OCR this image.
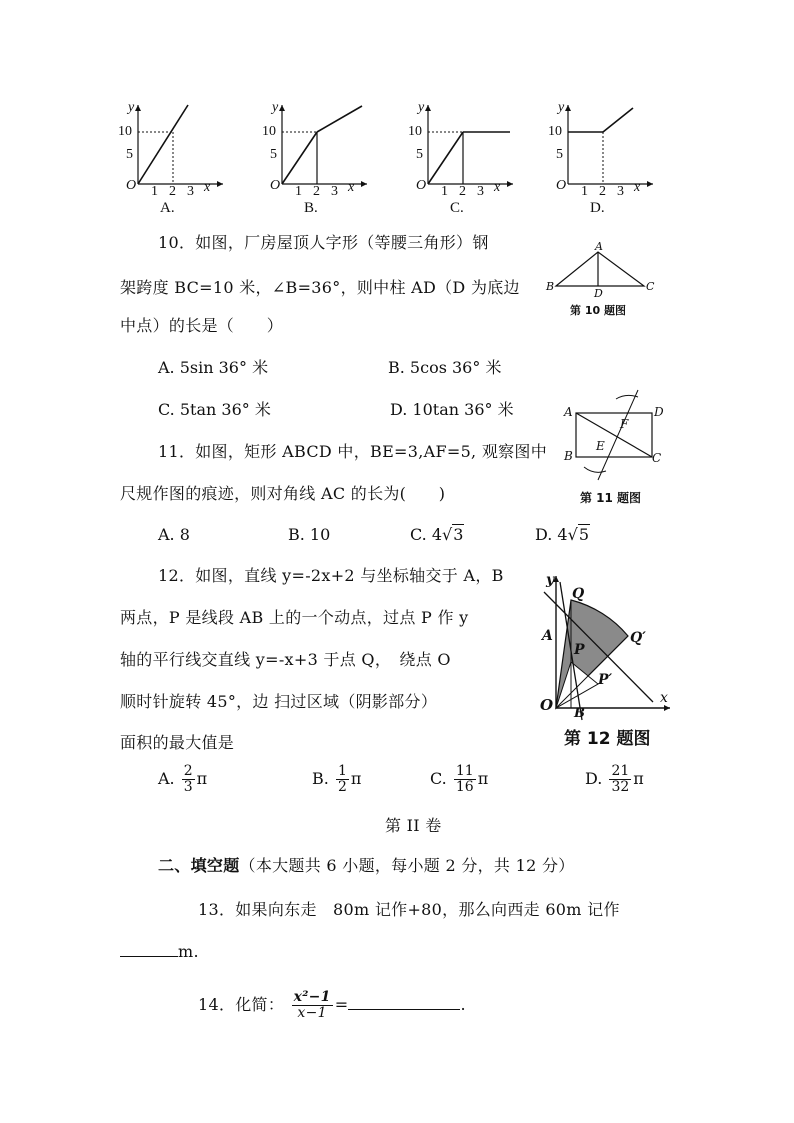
y
10
5
O 1 2 3 x
A.
y
10
5
O 1 2 3 x
B.
y
10
5
O 1 2 3 x
C.
y
10
5
O 1 2 3 x
D.
10．如图，厂房屋顶人字形（等腰三角形）钢
架跨度 BC=10 米，∠B=36°，则中柱 AD（D 为底边
中点）的长是（　　）
A
B	C
D
第 10 题图
A. 5sin 36° 米	B. 5cos 36° 米
C. 5tan 36° 米	D. 10tan 36° 米
11．如图，矩形 ABCD 中，BE=3,AF=5, 观察图中
尺规作图的痕迹，则对角线 AC 的长为(　　)
A	D
B	C
E
F
第 11 题图
A. 8	B. 10	C. 4√3	D. 4√5
12．如图，直线 y=-2x+2 与坐标轴交于 A，B
两点，P 是线段 AB 上的一个动点，过点 P 作 y
轴的平行线交直线 y=-x+3 于点 Q，　绕点 O
顺时针旋转 45°，边 扫过区域（阴影部分）
面积的最大值是
y
Q
A
P
Q′
P′
O B
x
第 12 题图
A. $\frac{2}{3}$ π	B. $\frac{1}{2}$ π	C. $\frac{11}{16}$ π	D. $\frac{21}{32}$ π
第 II 卷
二、填空题（本大题共 6 小题，每小题 2 分，共 12 分）
13．如果向东走　80m 记作+80，那么向西走 60m 记作
m.
14．化简： $\frac{\text{x²−1}}{x-1}$ =	.
